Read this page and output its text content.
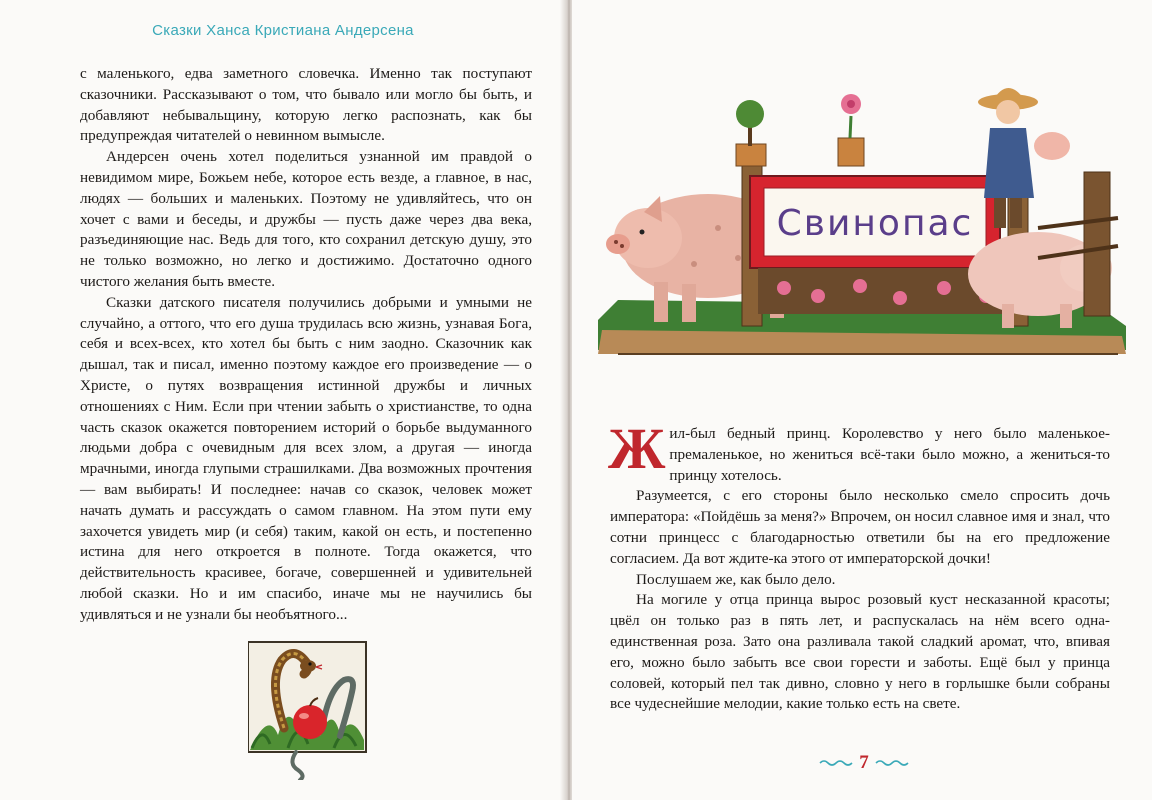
Сказки Ханса Кристиана Андерсена

с маленького, едва заметного словечка. Именно так поступают сказочники. Рассказывают о том, что бывало или могло бы быть, и добавляют небывальщину, которую легко распознать, как бы предупреждая читателей о невинном вымысле.

Андерсен очень хотел поделиться узнанной им правдой о невидимом мире, Божьем небе, которое есть везде, а главное, в нас, людях — больших и маленьких. Поэтому не удивляйтесь, что он хочет с вами и беседы, и дружбы — пусть даже через два века, разъединяющие нас. Ведь для того, кто сохранил детскую душу, это не только возможно, но легко и достижимо. Достаточно одного чистого желания быть вместе.

Сказки датского писателя получились добрыми и умными не случайно, а оттого, что его душа трудилась всю жизнь, узнавая Бога, себя и всех-всех, кто хотел бы быть с ним заодно. Сказочник как дышал, так и писал, именно поэтому каждое его произведение — о Христе, о путях возвращения истинной дружбы и личных отношениях с Ним. Если при чтении забыть о христианстве, то одна часть сказок окажется повторением историй о борьбе выдуманного людьми добра с очевидным для всех злом, а другая — иногда мрачными, иногда глупыми страшилками. Два возможных прочтения — вам выбирать! И последнее: начав со сказок, человек может начать думать и рассуждать о самом главном. На этом пути ему захочется увидеть мир (и себя) таким, какой он есть, и постепенно истина для него откроется в полноте. Тогда окажется, что действительность красивее, богаче, совершенней и удивительней любой сказки. Но и им спасибо, иначе мы не научились бы удивляться и не узнали бы необъятного...

Свинопас

Жил-был бедный принц. Королевство у него было маленькое-премаленькое, но жениться всё-таки было можно, а жениться-то принцу хотелось.

Разумеется, с его стороны было несколько смело спросить дочь императора: «Пойдёшь за меня?» Впрочем, он носил славное имя и знал, что сотни принцесс с благодарностью ответили бы на его предложение согласием. Да вот ждите-ка этого от императорской дочки!

Послушаем же, как было дело.

На могиле у отца принца вырос розовый куст несказанной красоты; цвёл он только раз в пять лет, и распускалась на нём всего одна-единственная роза. Зато она разливала такой сладкий аромат, что, впивая его, можно было забыть все свои горести и заботы. Ещё был у принца соловей, который пел так дивно, словно у него в горлышке были собраны все чудеснейшие мелодии, какие только есть на свете.

7
